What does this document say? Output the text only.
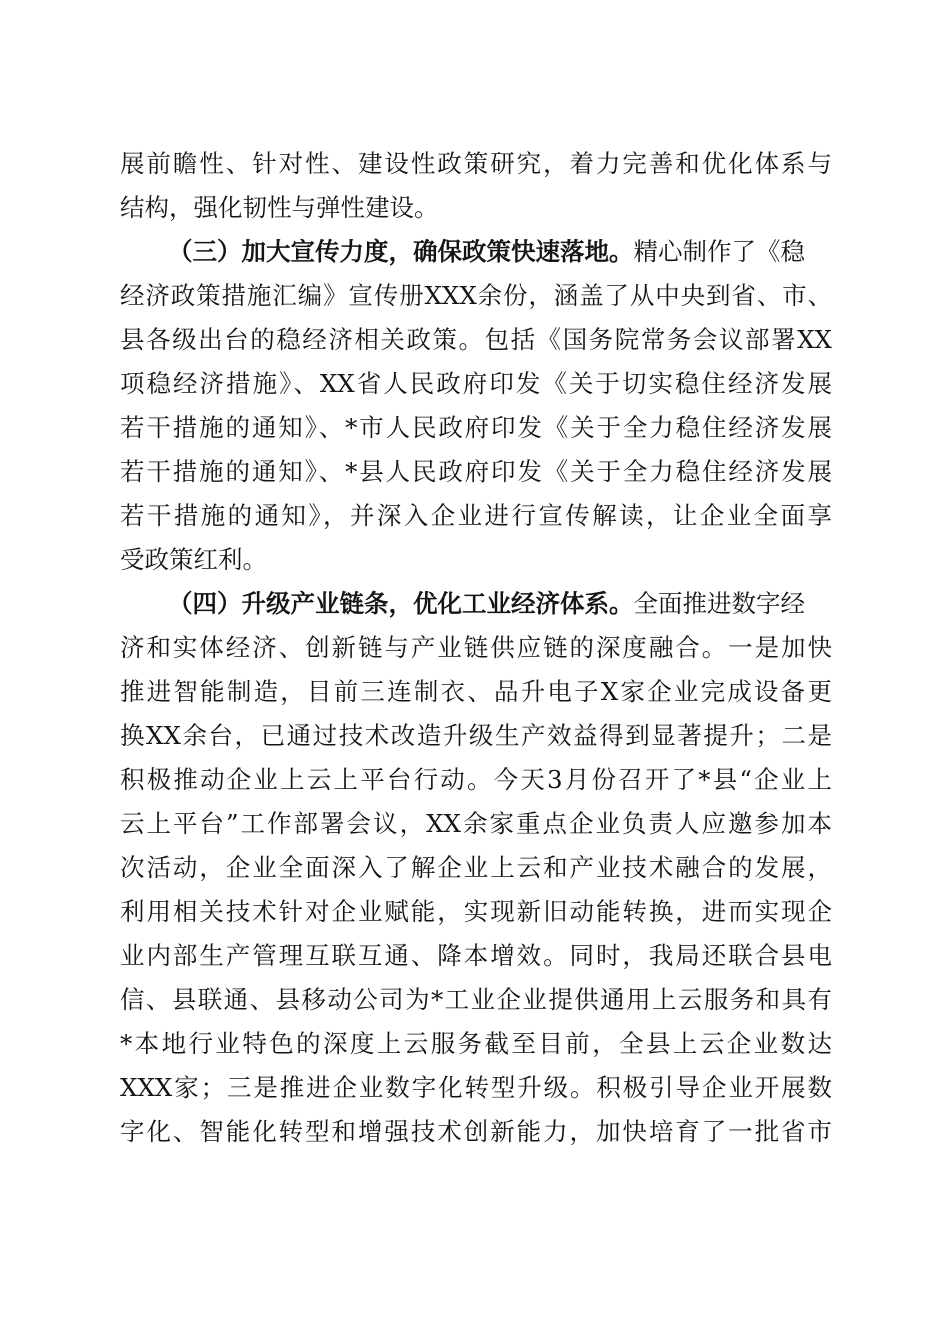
展前瞻性、针对性、建设性政策研究，着力完善和优化体系与
结构，强化韧性与弹性建设。
（三）加大宣传力度，确保政策快速落地。精心制作了《稳
经济政策措施汇编》宣传册XXX余份，涵盖了从中央到省、市、
县各级出台的稳经济相关政策。包括《国务院常务会议部署XX
项稳经济措施》、XX省人民政府印发《关于切实稳住经济发展
若干措施的通知》、*市人民政府印发《关于全力稳住经济发展
若干措施的通知》、*县人民政府印发《关于全力稳住经济发展
若干措施的通知》，并深入企业进行宣传解读，让企业全面享
受政策红利。
（四）升级产业链条，优化工业经济体系。全面推进数字经
济和实体经济、创新链与产业链供应链的深度融合。一是加快
推进智能制造，目前三连制衣、品升电子X家企业完成设备更
换XX余台，已通过技术改造升级生产效益得到显著提升；二是
积极推动企业上云上平台行动。今天3月份召开了*县“企业上
云上平台”工作部署会议，XX余家重点企业负责人应邀参加本
次活动，企业全面深入了解企业上云和产业技术融合的发展，
利用相关技术针对企业赋能，实现新旧动能转换，进而实现企
业内部生产管理互联互通、降本增效。同时，我局还联合县电
信、县联通、县移动公司为*工业企业提供通用上云服务和具有
*本地行业特色的深度上云服务截至目前，全县上云企业数达
XXX家；三是推进企业数字化转型升级。积极引导企业开展数
字化、智能化转型和增强技术创新能力，加快培育了一批省市
